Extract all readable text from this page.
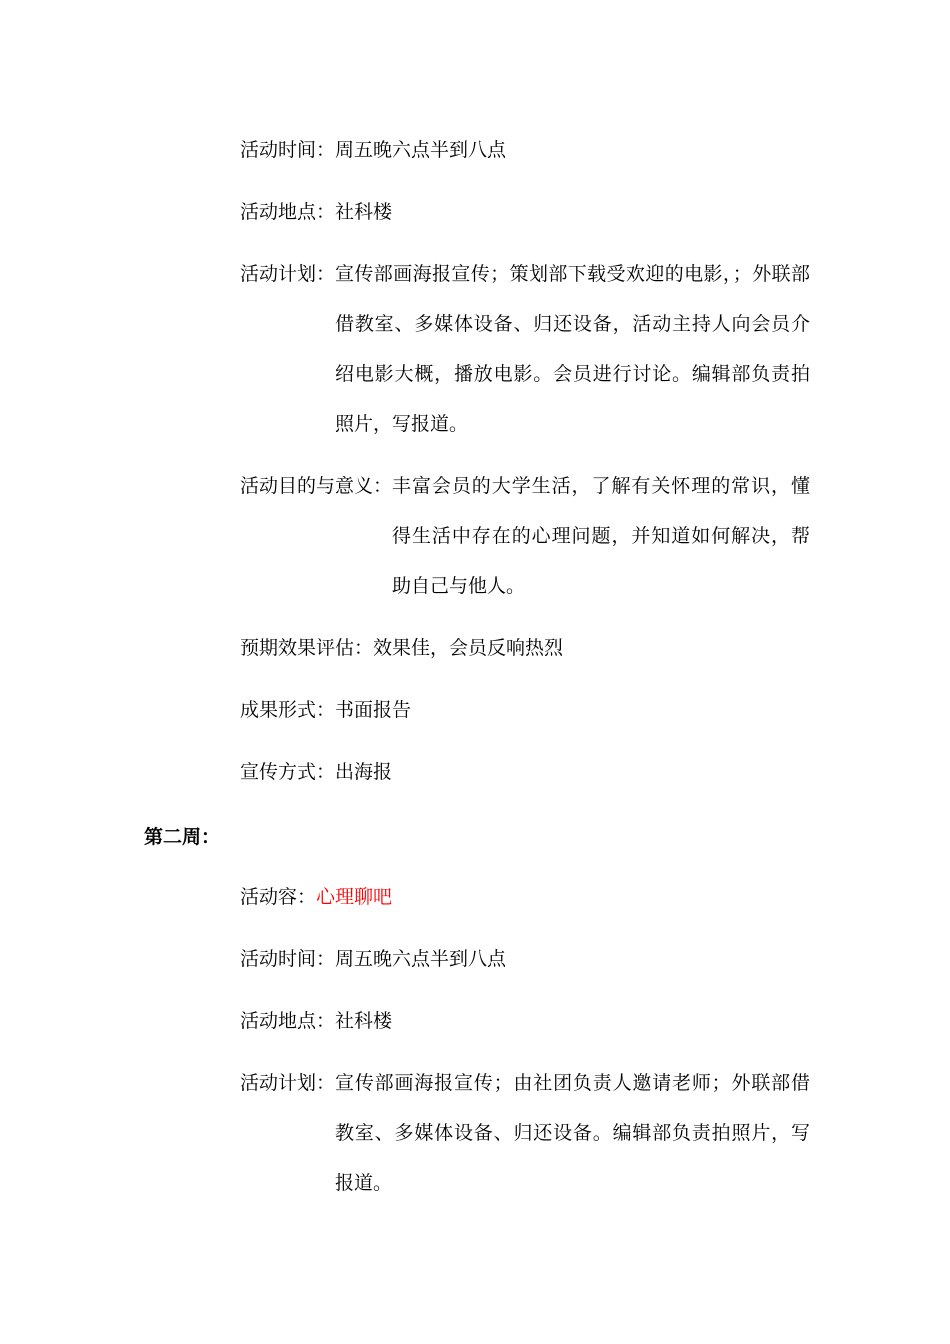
活动时间： 周五晚六点半到八点
活动地点： 社科楼
活动计划： 宣传部画海报宣传；策划部下载受欢迎的电影，；外联部借教室、多媒体设备、归还设备，活动主持人向会员介绍电影大概，播放电影。会员进行讨论。编辑部负责拍照片，写报道。
活动目的与意义： 丰富会员的大学生活，了解有关怀理的常识，懂得生活中存在的心理问题，并知道如何解决，帮助自己与他人。
预期效果评估： 效果佳，会员反响热烈
成果形式： 书面报告
宣传方式： 出海报
第二周：
活动容： 心理聊吧
活动时间： 周五晚六点半到八点
活动地点： 社科楼
活动计划： 宣传部画海报宣传；由社团负责人邀请老师；外联部借教室、多媒体设备、归还设备。编辑部负责拍照片，写报道。
